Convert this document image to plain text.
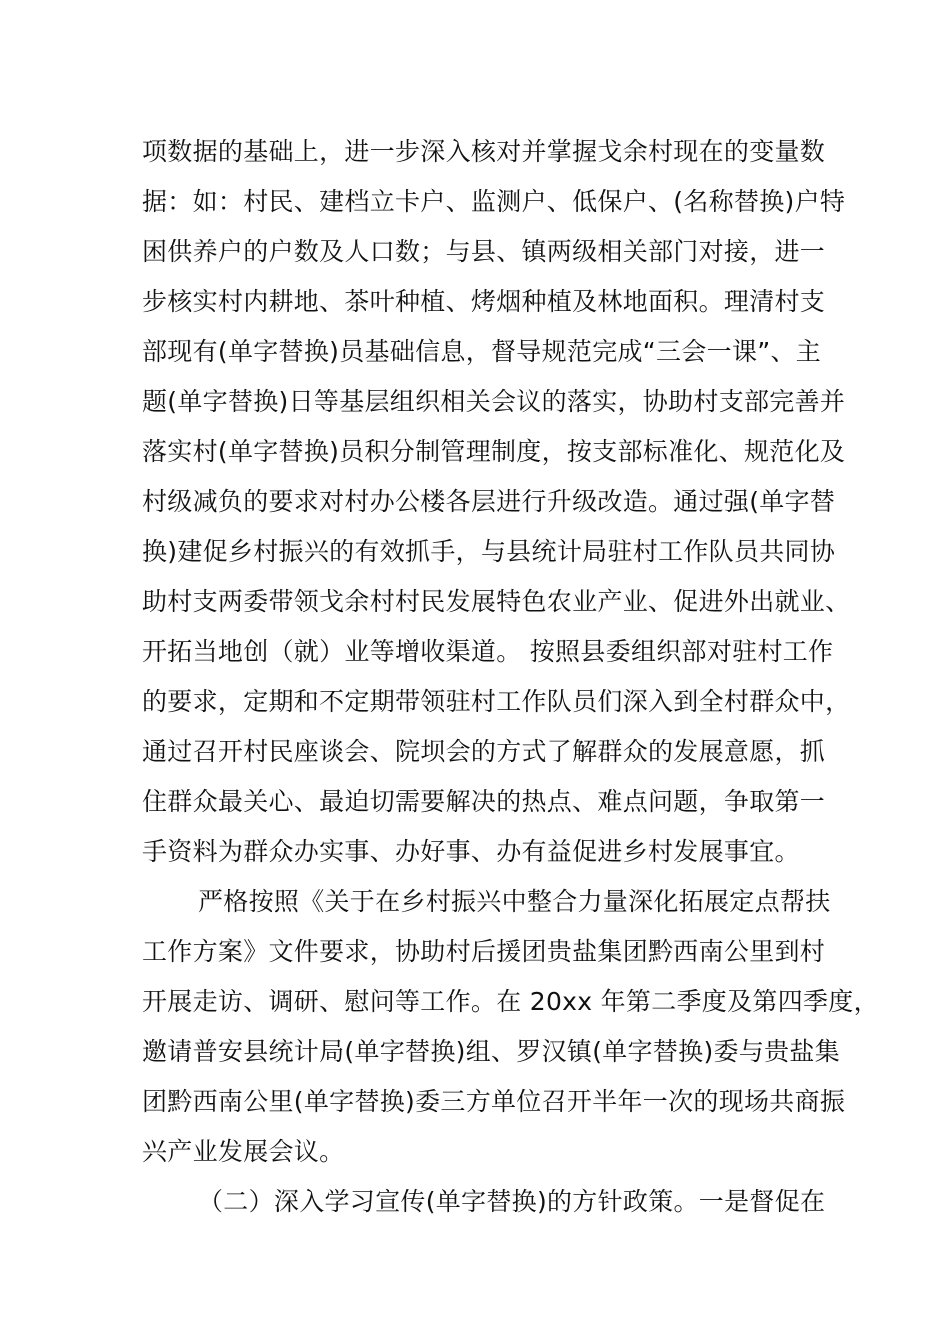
项数据的基础上，进一步深入核对并掌握戈余村现在的变量数
据：如：村民、建档立卡户、监测户、低保户、(名称替换)户特
困供养户的户数及人口数；与县、镇两级相关部门对接，进一
步核实村内耕地、茶叶种植、烤烟种植及林地面积。理清村支
部现有(单字替换)员基础信息，督导规范完成“三会一课”、主
题(单字替换)日等基层组织相关会议的落实，协助村支部完善并
落实村(单字替换)员积分制管理制度，按支部标准化、规范化及
村级减负的要求对村办公楼各层进行升级改造。通过强(单字替
换)建促乡村振兴的有效抓手，与县统计局驻村工作队员共同协
助村支两委带领戈余村村民发展特色农业产业、促进外出就业、
开拓当地创（就）业等增收渠道。 按照县委组织部对驻村工作
的要求，定期和不定期带领驻村工作队员们深入到全村群众中，
通过召开村民座谈会、院坝会的方式了解群众的发展意愿，抓
住群众最关心、最迫切需要解决的热点、难点问题，争取第一
手资料为群众办实事、办好事、办有益促进乡村发展事宜。
严格按照《关于在乡村振兴中整合力量深化拓展定点帮扶
工作方案》文件要求，协助村后援团贵盐集团黔西南公里到村
开展走访、调研、慰问等工作。在 20xx 年第二季度及第四季度，
邀请普安县统计局(单字替换)组、罗汉镇(单字替换)委与贵盐集
团黔西南公里(单字替换)委三方单位召开半年一次的现场共商振
兴产业发展会议。
（二）深入学习宣传(单字替换)的方针政策。一是督促在
